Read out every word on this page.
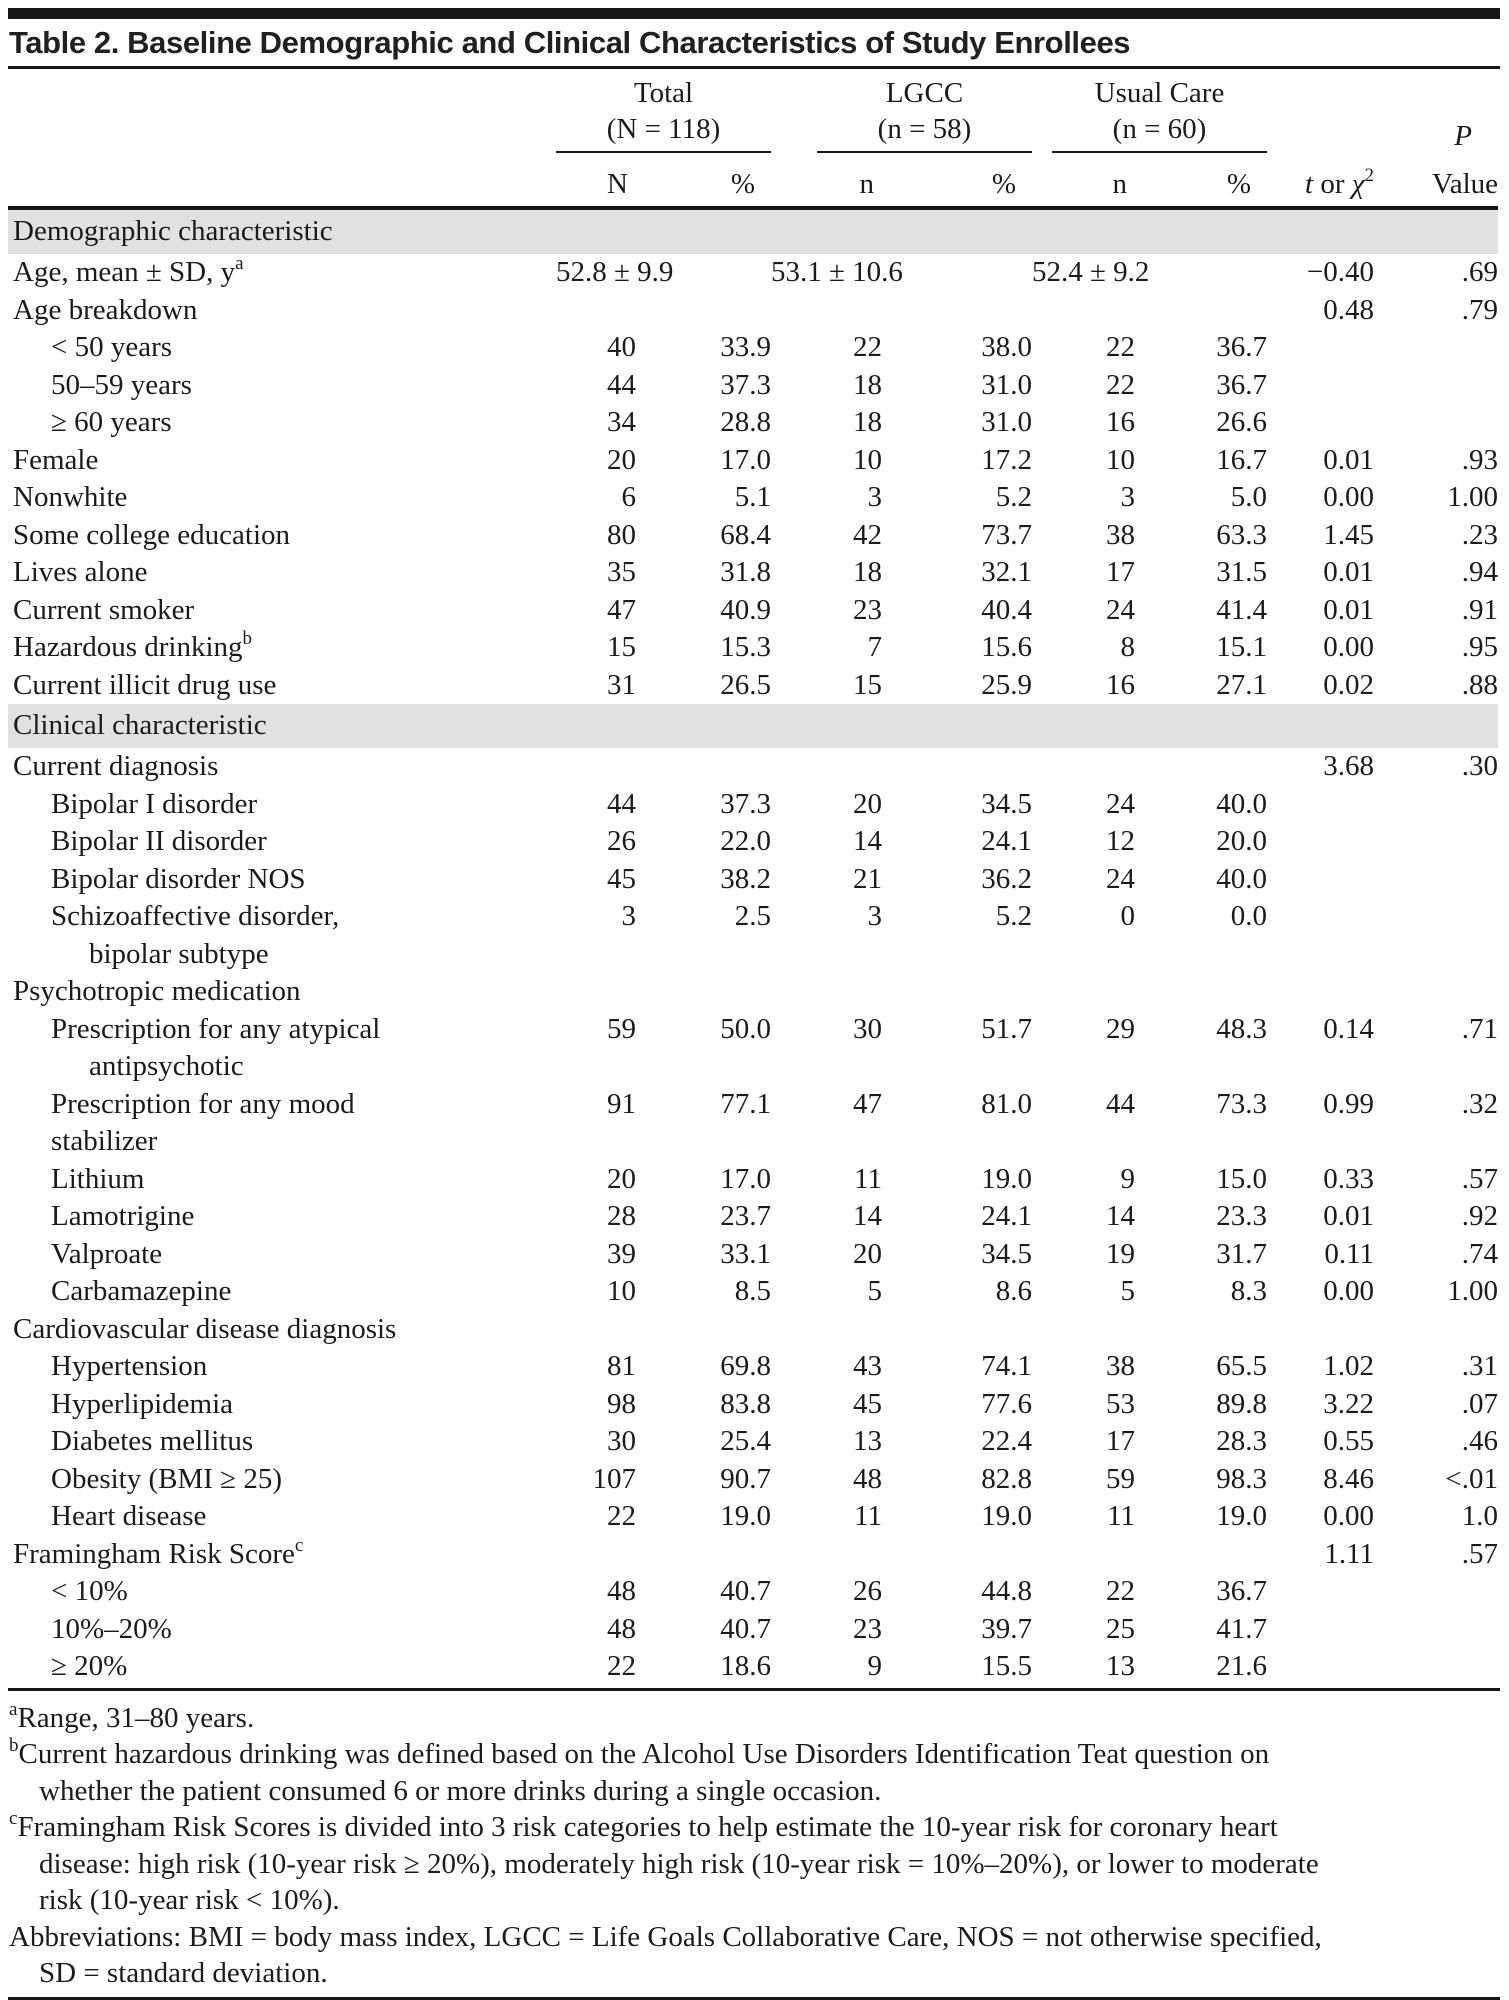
Table 2. Baseline Demographic and Clinical Characteristics of Study Enrollees

Total
(N = 118)

LGCC
(n = 58)

Usual Care
(n = 60)		P
	N	%	n	%	n	%	t or $\chi^2$	Value
Demographic characteristic								

Age, mean ± SD, $y^a$	52.8 ± 9.9		53.1 ± 10.6		52.4 ± 9.2		−0.40	.69

Age breakdown							0.48	.79

< 50 years	40	33.9	22	38.0	22	36.7		

50–59 years	44	37.3	18	31.0	22	36.7		

≥ 60 years	34	28.8	18	31.0	16	26.6		

Female	20	17.0	10	17.2	10	16.7	0.01	.93

Nonwhite	6	5.1	3	5.2	3	5.0	0.00	1.00

Some college education	80	68.4	42	73.7	38	63.3	1.45	.23

Lives alone	35	31.8	18	32.1	17	31.5	0.01	.94

Current smoker	47	40.9	23	40.4	24	41.4	0.01	.91

Hazardous drinking$^b$	15	15.3	7	15.6	8	15.1	0.00	.95

Current illicit drug use	31	26.5	15	25.9	16	27.1	0.02	.88
Clinical characteristic								

Current diagnosis							3.68	.30

Bipolar I disorder	44	37.3	20	34.5	24	40.0		

Bipolar II disorder	26	22.0	14	24.1	12	20.0		

Bipolar disorder NOS	45	38.2	21	36.2	24	40.0		

Schizoaffective disorder,
bipolar subtype	3	2.5	3	5.2	0	0.0		

Psychotropic medication								

Prescription for any atypical
antipsychotic	59	50.0	30	51.7	29	48.3	0.14	.71

Prescription for any mood stabilizer	91	77.1	47	81.0	44	73.3	0.99	.32

Lithium	20	17.0	11	19.0	9	15.0	0.33	.57

Lamotrigine	28	23.7	14	24.1	14	23.3	0.01	.92

Valproate	39	33.1	20	34.5	19	31.7	0.11	.74

Carbamazepine	10	8.5	5	8.6	5	8.3	0.00	1.00

Cardiovascular disease diagnosis								

Hypertension	81	69.8	43	74.1	38	65.5	1.02	.31

Hyperlipidemia	98	83.8	45	77.6	53	89.8	3.22	.07

Diabetes mellitus	30	25.4	13	22.4	17	28.3	0.55	.46

Obesity (BMI ≥ 25)	107	90.7	48	82.8	59	98.3	8.46	<.01

Heart disease	22	19.0	11	19.0	11	19.0	0.00	1.0

Framingham Risk Score$^c$							1.11	.57

< 10%	48	40.7	26	44.8	22	36.7		

10%–20%	48	40.7	23	39.7	25	41.7		

≥ 20%	22	18.6	9	15.5	13	21.6		
$^a$Range, 31–80 years.
$^b$Current hazardous drinking was defined based on the Alcohol Use Disorders Identification Teat question on
whether the patient consumed 6 or more drinks during a single occasion.
$^c$Framingham Risk Scores is divided into 3 risk categories to help estimate the 10-year risk for coronary heart
disease: high risk (10-year risk ≥ 20%), moderately high risk (10-year risk = 10%–20%), or lower to moderate
risk (10-year risk < 10%).
Abbreviations: BMI = body mass index, LGCC = Life Goals Collaborative Care, NOS = not otherwise specified,
SD = standard deviation.
